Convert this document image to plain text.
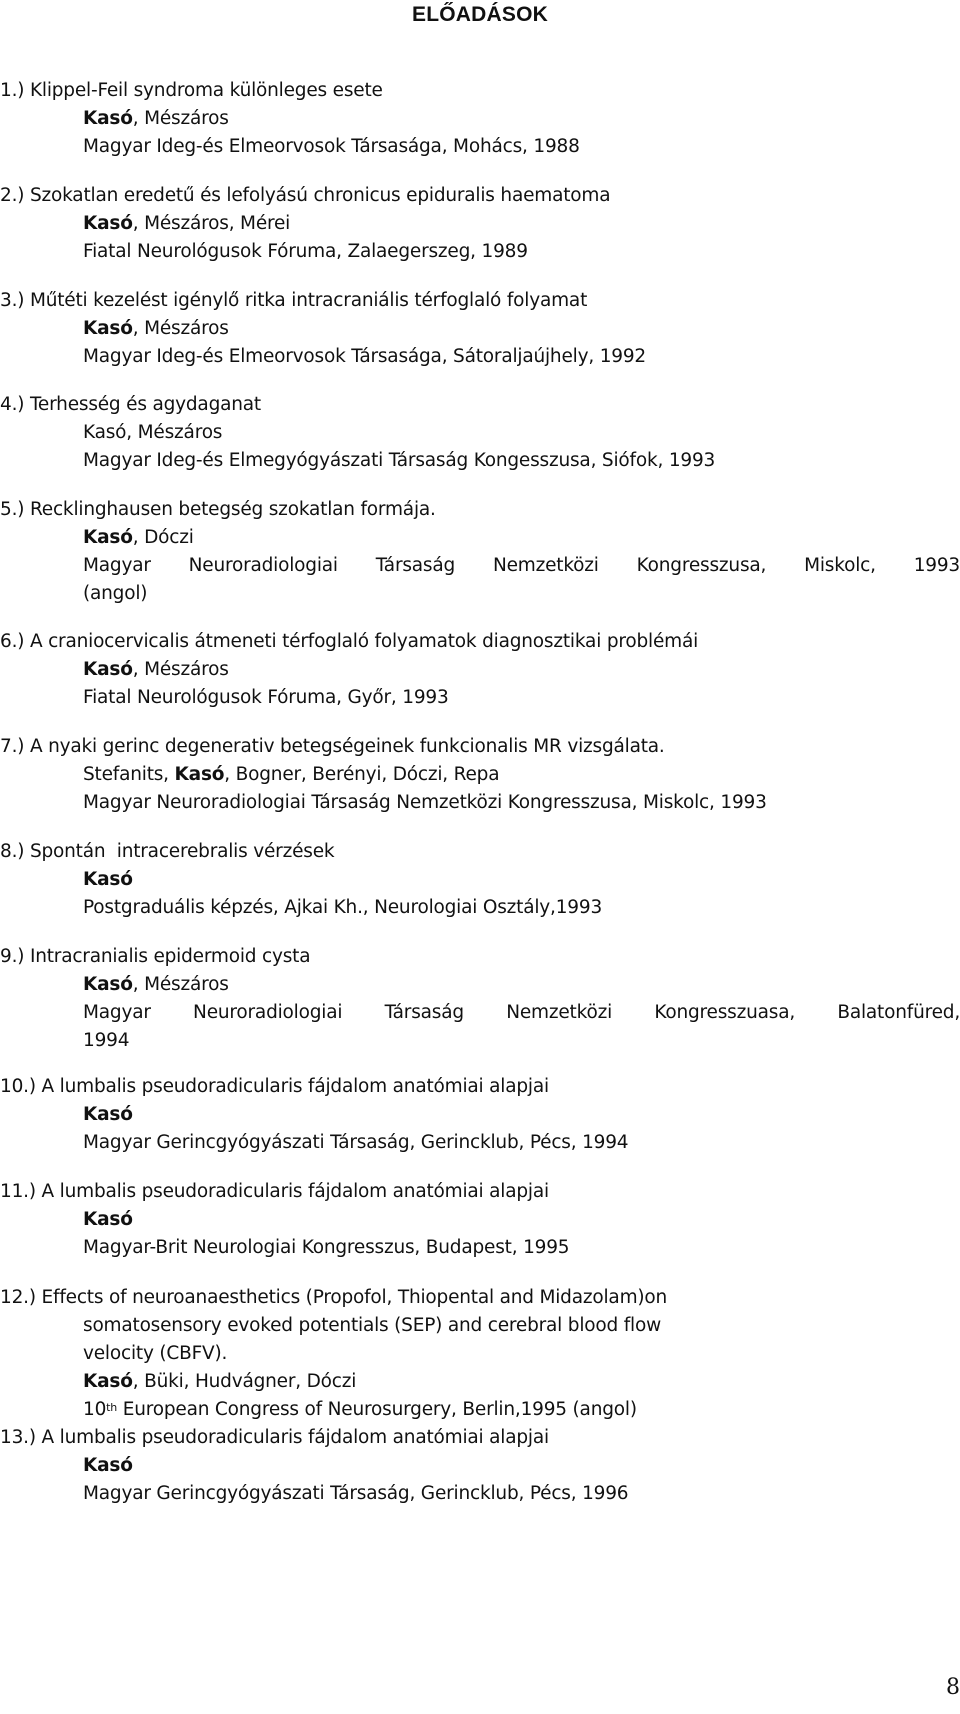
ELŐADÁSOK
1.) Klippel-Feil syndroma különleges esete
Kasó, Mészáros
Magyar Ideg-és Elmeorvosok Társasága, Mohács, 1988
2.) Szokatlan eredetű és lefolyású chronicus epiduralis haematoma
Kasó, Mészáros, Mérei
Fiatal Neurológusok Fóruma, Zalaegerszeg, 1989
3.) Műtéti kezelést igénylő ritka intracraniális térfoglaló folyamat
Kasó, Mészáros
Magyar Ideg-és Elmeorvosok Társasága, Sátoraljaújhely, 1992
4.) Terhesség és agydaganat
Kasó, Mészáros
Magyar Ideg-és Elmegyógyászati Társaság Kongesszusa, Siófok, 1993
5.) Recklinghausen betegség szokatlan formája.
Kasó, Dóczi
Magyar Neuroradiologiai Társaság Nemzetközi Kongresszusa, Miskolc, 1993
(angol)
6.) A craniocervicalis átmeneti térfoglaló folyamatok diagnosztikai problémái
Kasó, Mészáros
Fiatal Neurológusok Fóruma, Győr, 1993
7.) A nyaki gerinc degenerativ betegségeinek funkcionalis MR vizsgálata.
Stefanits, Kasó, Bogner, Berényi, Dóczi, Repa
Magyar Neuroradiologiai Társaság Nemzetközi Kongresszusa, Miskolc, 1993
8.) Spontán  intracerebralis vérzések
Kasó
Postgraduális képzés, Ajkai Kh., Neurologiai Osztály,1993
9.) Intracranialis epidermoid cysta
Kasó, Mészáros
Magyar Neuroradiologiai Társaság Nemzetközi Kongresszuasa, Balatonfüred,
1994
10.) A lumbalis pseudoradicularis fájdalom anatómiai alapjai
Kasó
Magyar Gerincgyógyászati Társaság, Gerincklub, Pécs, 1994
11.) A lumbalis pseudoradicularis fájdalom anatómiai alapjai
Kasó
Magyar-Brit Neurologiai Kongresszus, Budapest, 1995
12.) Effects of neuroanaesthetics (Propofol, Thiopental and Midazolam)on
somatosensory evoked potentials (SEP) and cerebral blood flow
velocity (CBFV).
Kasó, Büki, Hudvágner, Dóczi
10th European Congress of Neurosurgery, Berlin,1995 (angol)
13.) A lumbalis pseudoradicularis fájdalom anatómiai alapjai
Kasó
Magyar Gerincgyógyászati Társaság, Gerincklub, Pécs, 1996
8
